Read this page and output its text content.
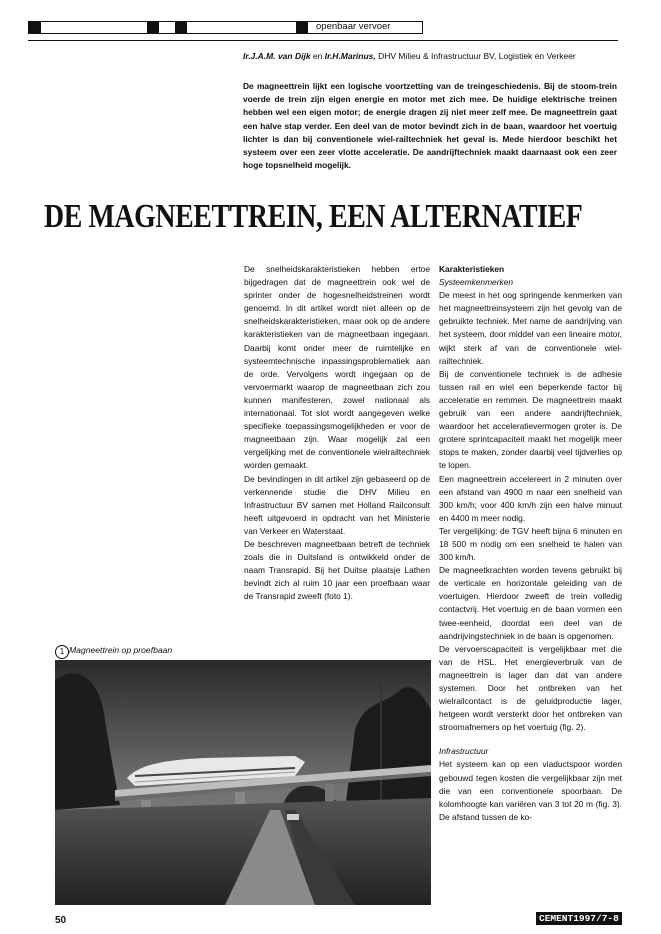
openbaar vervoer
Ir.J.A.M. van Dijk en Ir.H.Marinus, DHV Milieu & Infrastructuur BV, Logistiek en Verkeer
De magneettrein lijkt een logische voortzetting van de treingeschiedenis. Bij de stoom-trein voerde de trein zijn eigen energie en motor met zich mee. De huidige elektrische treinen hebben wel een eigen motor; de energie dragen zij niet meer zelf mee. De magneettrein gaat een halve stap verder. Een deel van de motor bevindt zich in de baan, waardoor het voertuig lichter is dan bij conventionele wiel-railtechniek het geval is. Mede hierdoor beschikt het systeem over een zeer vlotte acceleratie. De aandrijftechniek maakt daarnaast ook een zeer hoge topsnelheid mogelijk.
DE MAGNEETTREIN, EEN ALTERNATIEF

De snelheidskarakteristieken hebben ertoe bijgedragen dat de magneettrein ook wel de sprinter onder de hogesnelheidstreinen wordt genoemd. In dit artikel wordt niet alleen op de snelheidskarakteristieken, maar ook op de andere karakteristieken van de magneetbaan ingegaan. Daarbij komt onder meer de ruimtelijke en systeemtechnische inpassingsproblematiek aan de orde. Vervolgens wordt ingegaan op de vervoermarkt waarop de magneetbaan zich zou kunnen manifesteren, zowel nationaal als internationaal. Tot slot wordt aangegeven welke specifieke toepassingsmogelijkheden er voor de magneetbaan zijn. Waar mogelijk zal een vergelijking met de conventionele wielrailtechniek worden gemaakt.

De bevindingen in dit artikel zijn gebaseerd op de verkennende studie die DHV Milieu en Infrastructuur BV samen met Holland Railconsult heeft uitgevoerd in opdracht van het Ministerie van Verkeer en Waterstaat.

De beschreven magneetbaan betreft de techniek zoals die in Duitsland is ontwikkeld onder de naam Transrapid. Bij het Duitse plaatsje Lathen bevindt zich al ruim 10 jaar een proefbaan waar de Transrapid zweeft (foto 1).

Karakteristieken

Systeemkenmerken

De meest in het oog springende kenmerken van het magneettreinsysteem zijn het gevolg van de gebruikte techniek. Met name de aandrijving van het systeem, door middel van een lineaire motor, wijkt sterk af van de conventionele wiel-railtechniek.

Bij de conventionele techniek is de adhesie tussen rail en wiel een beperkende factor bij acceleratie en remmen. De magneettrein maakt gebruik van een andere aandrijftechniek, waardoor het acceleratievermogen groter is. De grotere sprintcapaciteit maakt het mogelijk meer stops te maken, zonder daarbij veel tijdverlies op te lopen.

Een magneettrein accelereert in 2 minuten over een afstand van 4900 m naar een snelheid van 300 km/h; voor 400 km/h zijn een halve minuut en 4400 m meer nodig.

Ter vergelijking: de TGV heeft bijna 6 minuten en 18 500 m nodig om een snelheid te halen van 300 km/h.

De magneetkrachten worden tevens gebruikt bij de verticale en horizontale geleiding van de voertuigen. Hierdoor zweeft de trein volledig contactvrij. Het voertuig en de baan vormen een twee-eenheid, doordat een deel van de aandrijvingstechniek in de baan is opgenomen.

De vervoerscapaciteit is vergelijkbaar met die van de HSL. Het energieverbruik van de magneettrein is lager dan dat van andere systemen. Door het ontbreken van het wielrailcontact is de geluidproductie lager, hetgeen wordt versterkt door het ontbreken van stroomafnemers op het voertuig (fig. 2).

Infrastructuur

Het systeem kan op een viaductspoor worden gebouwd tegen kosten die vergelijkbaar zijn met die van een conventionele spoorbaan. De kolomhoogte kan variëren van 3 tot 20 m (fig. 3). De afstand tussen de ko-

1 Magneettrein op proefbaan
50	CEMENT1997/7-8
